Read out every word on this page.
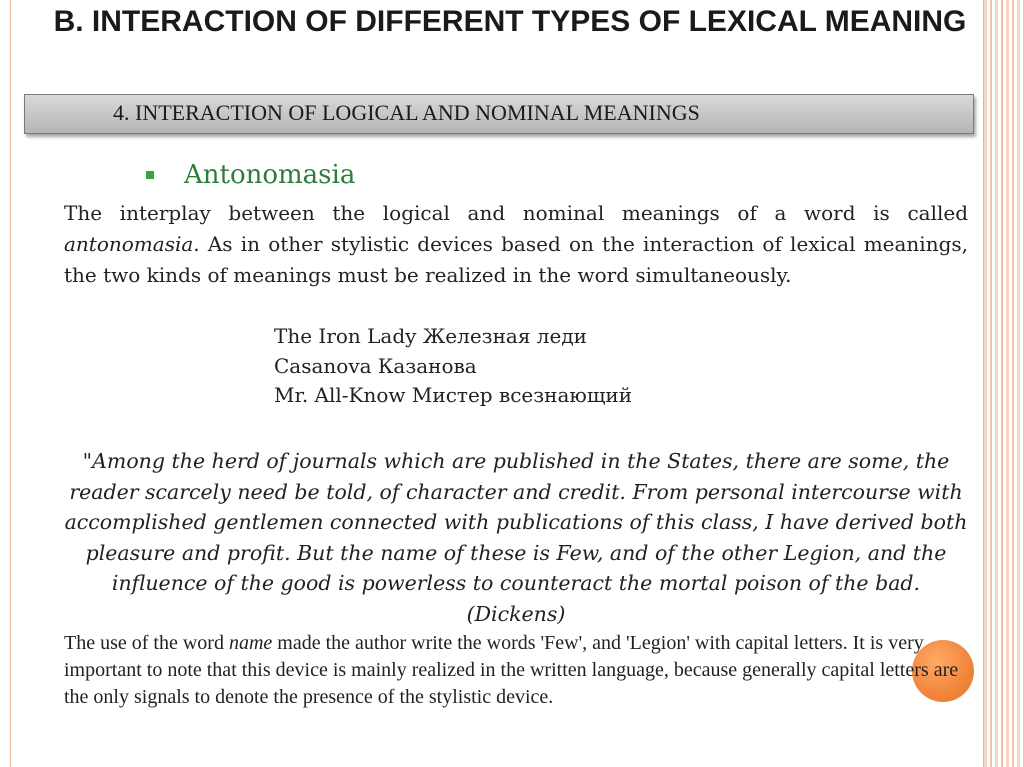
B. INTERACTION OF DIFFERENT TYPES OF LEXICAL MEANING
4. INTERACTION OF LOGICAL AND NOMINAL MEANINGS
Antonomasia
The interplay between the logical and nominal meanings of a word is called antonomasia. As in other stylistic devices based on the interaction of lexical meanings, the two kinds of meanings must be realized in the word simultaneously.
The Iron Lady Железная леди
Casanova Казанова
Mr. All-Know Мистер всезнающий
"Among the herd of journals which are published in the States, there are some, the reader scarcely need be told, of character and credit. From personal intercourse with accomplished gentlemen connected with publications of this class, I have derived both pleasure and profit. But the name of these is Few, and of the other Legion, and the influence of the good is powerless to counteract the mortal poison of the bad. (Dickens)
The use of the word name made the author write the words 'Few', and 'Legion' with capital letters. It is very important to note that this device is mainly realized in the written language, because generally capital letters are the only signals to denote the presence of the stylistic device.
